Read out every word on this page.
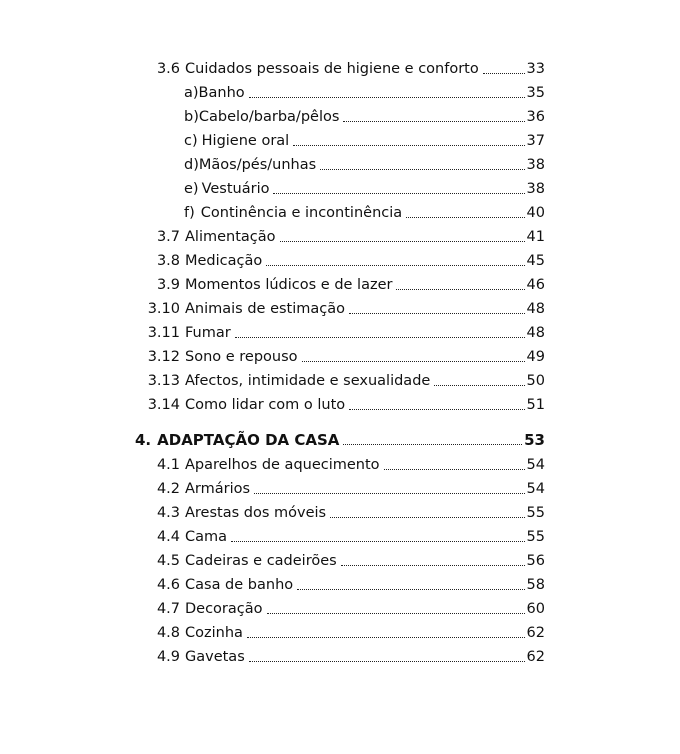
3.6 Cuidados pessoais de higiene e conforto	33
a) Banho	35
b) Cabelo/barba/pêlos	36
c) Higiene oral	37
d) Mãos/pés/unhas	38
e) Vestuário	38
f) Continência e incontinência	40
3.7 Alimentação	41
3.8 Medicação	45
3.9 Momentos lúdicos e de lazer	46
3.10 Animais de estimação	48
3.11 Fumar	48
3.12 Sono e repouso	49
3.13 Afectos, intimidade e sexualidade	50
3.14 Como lidar com o luto	51
4. ADAPTAÇÃO DA CASA	53
4.1 Aparelhos de aquecimento	54
4.2 Armários	54
4.3 Arestas dos móveis	55
4.4 Cama	55
4.5 Cadeiras e cadeirões	56
4.6 Casa de banho	58
4.7 Decoração	60
4.8 Cozinha	62
4.9 Gavetas	62
